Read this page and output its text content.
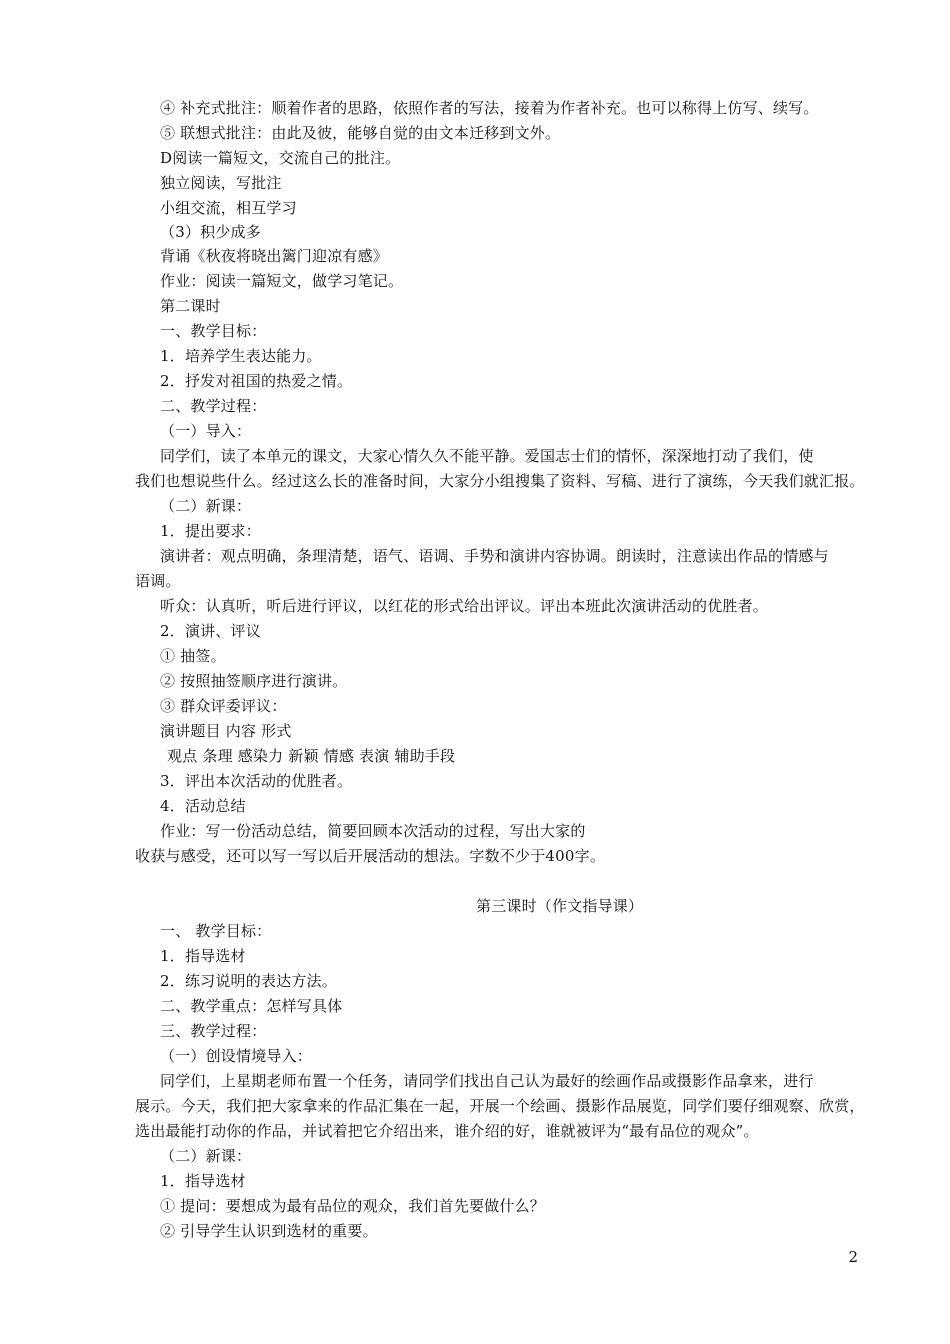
④ 补充式批注：顺着作者的思路，依照作者的写法，接着为作者补充。也可以称得上仿写、续写。
⑤ 联想式批注：由此及彼，能够自觉的由文本迁移到文外。
D阅读一篇短文，交流自己的批注。
独立阅读，写批注
小组交流，相互学习
（3）积少成多
背诵《秋夜将晓出篱门迎凉有感》
作业：阅读一篇短文，做学习笔记。
第二课时
一、教学目标：
1．培养学生表达能力。
2．抒发对祖国的热爱之情。
二、教学过程：
（一）导入：
同学们，读了本单元的课文，大家心情久久不能平静。爱国志士们的情怀，深深地打动了我们，使
我们也想说些什么。经过这么长的准备时间，大家分小组搜集了资料、写稿、进行了演练，今天我们就汇报。
（二）新课：
1．提出要求：
演讲者：观点明确，条理清楚，语气、语调、手势和演讲内容协调。朗读时，注意读出作品的情感与
语调。
听众：认真听，听后进行评议，以红花的形式给出评议。评出本班此次演讲活动的优胜者。
2．演讲、评议
① 抽签。
② 按照抽签顺序进行演讲。
③ 群众评委评议：
演讲题目 内容 形式
观点 条理 感染力 新颖 情感 表演 辅助手段
3．评出本次活动的优胜者。
4．活动总结
作业：写一份活动总结，简要回顾本次活动的过程，写出大家的
收获与感受，还可以写一写以后开展活动的想法。字数不少于400字。
第三课时（作文指导课）
一、 教学目标：
1．指导选材
2．练习说明的表达方法。
二、教学重点：怎样写具体
三、教学过程：
（一）创设情境导入：
同学们，上星期老师布置一个任务，请同学们找出自己认为最好的绘画作品或摄影作品拿来，进行
展示。今天，我们把大家拿来的作品汇集在一起，开展一个绘画、摄影作品展览，同学们要仔细观察、欣赏，
选出最能打动你的作品，并试着把它介绍出来，谁介绍的好，谁就被评为“最有品位的观众”。
（二）新课：
1．指导选材
① 提问：要想成为最有品位的观众，我们首先要做什么？
② 引导学生认识到选材的重要。
2
